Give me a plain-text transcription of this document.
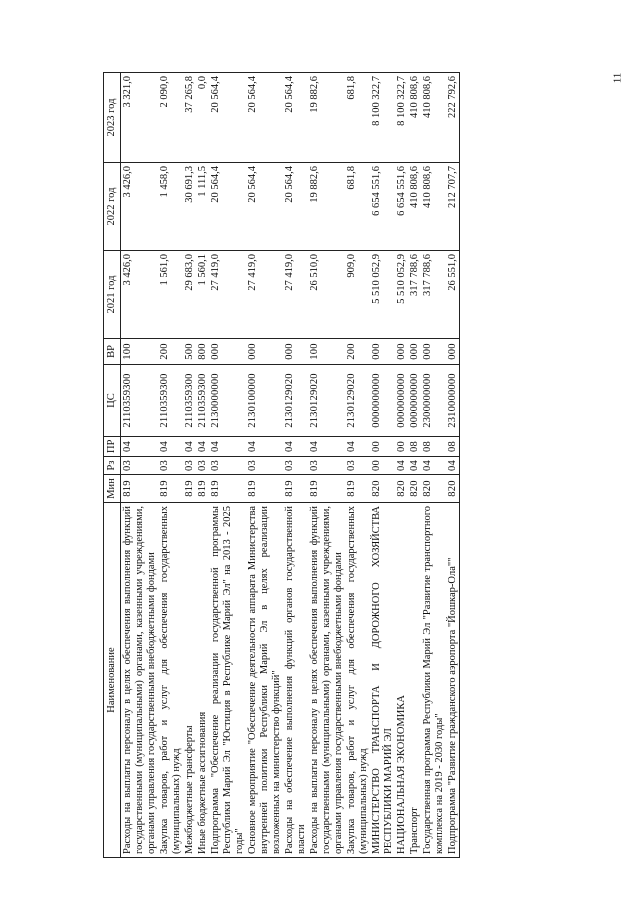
11
Наименование	Мин	Рз	ПР	ЦС	ВР	2021 год	2022 год	2023 год
Расходы на выплаты персоналу в целях обеспечения выполнения функций государственными (муниципальными) органами, казенными учреждениями, органами управления государственными внебюджетными фондами	819	03	04	2110359300	100	3 426,0	3 426,0	3 321,0
Закупка товаров, работ и услуг для обеспечения государственных (муниципальных) нужд	819	03	04	2110359300	200	1 561,0	1 458,0	2 090,0
Межбюджетные трансферты	819	03	04	2110359300	500	29 683,0	30 691,3	37 265,8
Иные бюджетные ассигнования	819	03	04	2110359300	800	1 560,1	1 111,5	0,0
Подпрограмма "Обеспечение реализации государственной программы Республики Марий Эл "Юстиция в Республике Марий Эл" на 2013 - 2025 годы"	819	03	04	2130000000	000	27 419,0	20 564,4	20 564,4
Основное мероприятие "Обеспечение деятельности аппарата Министерства внутренней политики Республики Марий Эл в целях реализации возложенных на министерство функций"	819	03	04	2130100000	000	27 419,0	20 564,4	20 564,4
Расходы на обеспечение выполнения функций органов государственной власти	819	03	04	2130129020	000	27 419,0	20 564,4	20 564,4
Расходы на выплаты персоналу в целях обеспечения выполнения функций государственными (муниципальными) органами, казенными учреждениями, органами управления государственными внебюджетными фондами	819	03	04	2130129020	100	26 510,0	19 882,6	19 882,6
Закупка товаров, работ и услуг для обеспечения государственных (муниципальных) нужд	819	03	04	2130129020	200	909,0	681,8	681,8
МИНИСТЕРСТВО ТРАНСПОРТА И ДОРОЖНОГО ХОЗЯЙСТВА РЕСПУБЛИКИ МАРИЙ ЭЛ	820	00	00	0000000000	000	5 510 052,9	6 654 551,6	8 100 322,7
НАЦИОНАЛЬНАЯ ЭКОНОМИКА	820	04	00	0000000000	000	5 510 052,9	6 654 551,6	8 100 322,7
Транспорт	820	04	08	0000000000	000	317 788,6	410 808,6	410 808,6
Государственная программа Республики Марий Эл "Развитие транспортного комплекса на 2019 - 2030 годы"	820	04	08	2300000000	000	317 788,6	410 808,6	410 808,6
Подпрограмма "Развитие гражданского аэропорта "Йошкар-Ола""	820	04	08	2310000000	000	26 551,0	212 707,7	222 792,6
